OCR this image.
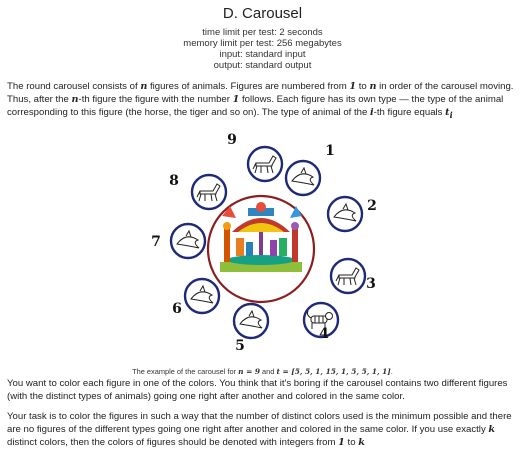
D. Carousel
time limit per test: 2 seconds
memory limit per test: 256 megabytes
input: standard input
output: standard output
The round carousel consists of n figures of animals. Figures are numbered from 1 to n in order of the carousel moving. Thus, after the n-th figure the figure with the number 1 follows. Each figure has its own type — the type of the animal corresponding to this figure (the horse, the tiger and so on). The type of animal of the i-th figure equals $t_i$
1
2
3
4
5
6
7
8
9
The example of the carousel for n = 9 and t = [5, 5, 1, 15, 1, 5, 5, 1, 1].
You want to color each figure in one of the colors. You think that it's boring if the carousel contains two different figures (with the distinct types of animals) going one right after another and colored in the same color.
Your task is to color the figures in such a way that the number of distinct colors used is the minimum possible and there are no figures of the different types going one right after another and colored in the same color. If you use exactly k distinct colors, then the colors of figures should be denoted with integers from 1 to k
